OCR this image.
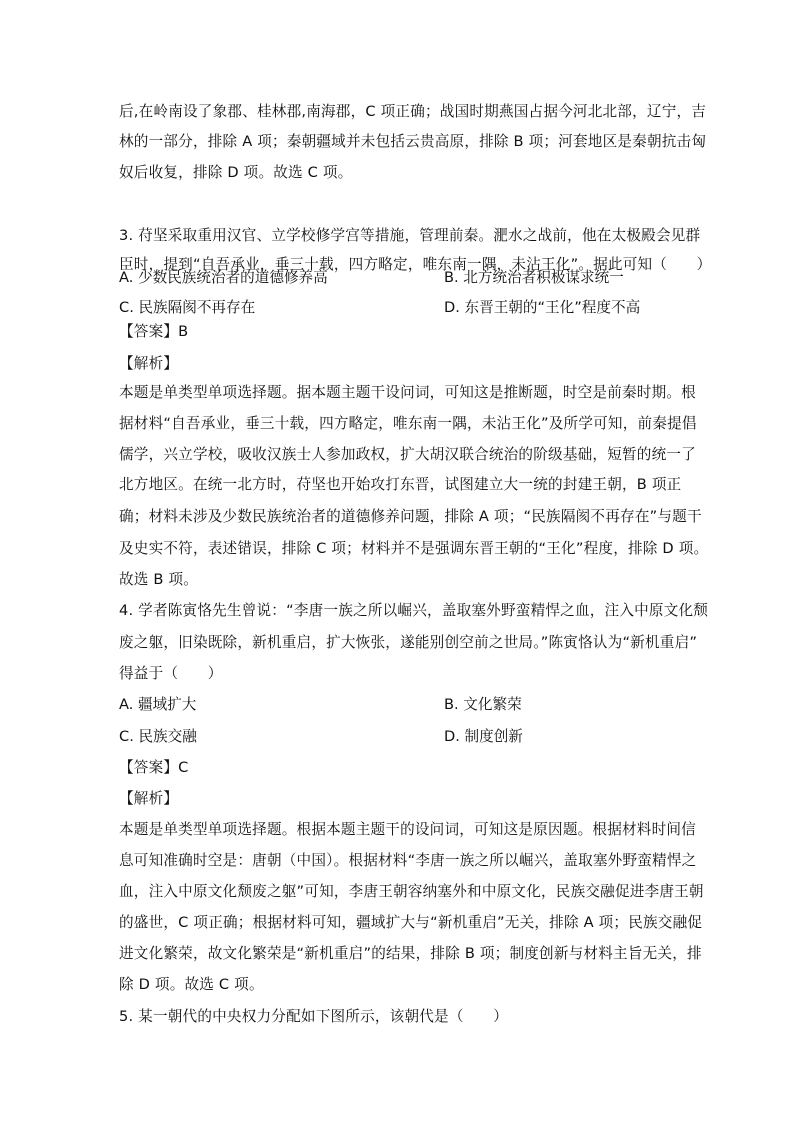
后,在岭南设了象郡、桂林郡,南海郡，C 项正确；战国时期燕国占据今河北北部，辽宁，吉
林的一部分，排除 A 项；秦朝疆域并未包括云贵高原，排除 B 项；河套地区是秦朝抗击匈
奴后收复，排除 D 项。故选 C 项。
3. 苻坚采取重用汉官、立学校修学宫等措施，管理前秦。淝水之战前，他在太极殿会见群
臣时，提到“自吾承业，垂三十载，四方略定，唯东南一隅，未沾王化”。据此可知（　　）
A. 少数民族统治者的道德修养高	B. 北方统治者积极谋求统一
C. 民族隔阂不再存在	D. 东晋王朝的“王化”程度不高
【答案】B
【解析】
本题是单类型单项选择题。据本题主题干设问词，可知这是推断题，时空是前秦时期。根
据材料“自吾承业，垂三十载，四方略定，唯东南一隅，未沾王化”及所学可知，前秦提倡
儒学，兴立学校，吸收汉族士人参加政权，扩大胡汉联合统治的阶级基础，短暂的统一了
北方地区。在统一北方时，苻坚也开始攻打东晋，试图建立大一统的封建王朝，B 项正
确；材料未涉及少数民族统治者的道德修养问题，排除 A 项；“民族隔阂不再存在”与题干
及史实不符，表述错误，排除 C 项；材料并不是强调东晋王朝的“王化”程度，排除 D 项。
故选 B 项。
4. 学者陈寅恪先生曾说：“李唐一族之所以崛兴，盖取塞外野蛮精悍之血，注入中原文化颓
废之躯，旧染既除，新机重启，扩大恢张，遂能别创空前之世局。”陈寅恪认为“新机重启”
得益于（　　）
A. 疆域扩大	B. 文化繁荣
C. 民族交融	D. 制度创新
【答案】C
【解析】
本题是单类型单项选择题。根据本题主题干的设问词，可知这是原因题。根据材料时间信
息可知准确时空是：唐朝（中国）。根据材料“李唐一族之所以崛兴，盖取塞外野蛮精悍之
血，注入中原文化颓废之躯”可知，李唐王朝容纳塞外和中原文化，民族交融促进李唐王朝
的盛世，C 项正确；根据材料可知，疆域扩大与“新机重启”无关，排除 A 项；民族交融促
进文化繁荣，故文化繁荣是“新机重启”的结果，排除 B 项；制度创新与材料主旨无关，排
除 D 项。故选 C 项。
5. 某一朝代的中央权力分配如下图所示，该朝代是（　　）
